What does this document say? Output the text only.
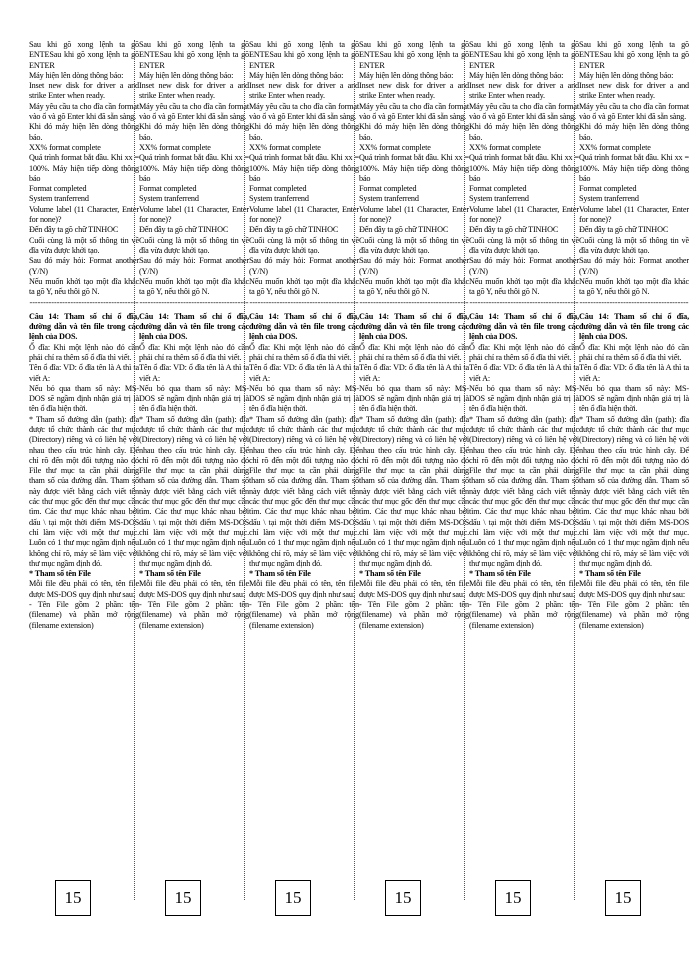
Sau khi gõ xong lệnh ta gõ ENTESau khi gõ xong lệnh ta gõ ENTER

Máy hiện lên dòng thông báo:

Inset new disk for driver a and strike Enter when ready.

Máy yêu cầu ta cho đĩa cần format vào ổ và gõ Enter khi đã sẵn sàng.

Khi đó máy hiện lên dòng thông báo.

XX% format complete

Quá trình format bắt đầu. Khi xx = 100%. Máy hiện tiếp dòng thông báo

Format completed

System tranferrend

Volume label (11 Character, Enter for none)?

Đến đây ta gõ chữ TINHOC

Cuối cùng là một số thông tin về đĩa vừa được khởi tạo.

Sau đó máy hỏi: Format another (Y/N)

Nếu muốn khởi tạo một đĩa khác ta gõ Y, nếu thôi gõ N.

----------------------------------------

Câu 14: Tham số chỉ ổ đĩa, đường dẫn và tên file trong các lệnh của DOS.

Ổ đĩa: Khi một lệnh nào đó cần phải chỉ ra thêm số ổ đĩa thì viết.

Tên ổ đĩa: VD: ổ đĩa tên là A thì ta viết A:

Nếu bỏ qua tham số này: MS-DOS sẽ ngầm định nhận giá trị là tên ổ đĩa hiện thời.

* Tham số đường dẫn (path): đĩa được tổ chức thành các thư mục (Directory) riêng và có liên hệ với nhau theo cấu trúc hình cây. Để chỉ rõ đến một đối tượng nào đó File thư mục ta cần phải dùng tham số của đường dẫn. Tham số này được viết bằng cách viết tên các thư mục gốc đến thư mục cần tìm. Các thư mục khác nhau bởi dấu \ tại một thời điểm MS-DOS chỉ làm việc với một thư mục. Luôn có 1 thư mục ngầm định nếu không chỉ rõ, máy sẽ làm việc với thư mục ngầm định đó.

* Tham số tên File

Mỗi file đều phải có tên, tên file được MS-DOS quy định như sau:

- Tên File gồm 2 phần: tên (filename) và phần mở rộng (filename extension)

15

Sau khi gõ xong lệnh ta gõ ENTESau khi gõ xong lệnh ta gõ ENTER

Máy hiện lên dòng thông báo:

Inset new disk for driver a and strike Enter when ready.

Máy yêu cầu ta cho đĩa cần format vào ổ và gõ Enter khi đã sẵn sàng.

Khi đó máy hiện lên dòng thông báo.

XX% format complete

Quá trình format bắt đầu. Khi xx = 100%. Máy hiện tiếp dòng thông báo

Format completed

System tranferrend

Volume label (11 Character, Enter for none)?

Đến đây ta gõ chữ TINHOC

Cuối cùng là một số thông tin về đĩa vừa được khởi tạo.

Sau đó máy hỏi: Format another (Y/N)

Nếu muốn khởi tạo một đĩa khác ta gõ Y, nếu thôi gõ N.

----------------------------------------

Câu 14: Tham số chỉ ổ đĩa, đường dẫn và tên file trong các lệnh của DOS.

Ổ đĩa: Khi một lệnh nào đó cần phải chỉ ra thêm số ổ đĩa thì viết.

Tên ổ đĩa: VD: ổ đĩa tên là A thì ta viết A:

Nếu bỏ qua tham số này: MS-DOS sẽ ngầm định nhận giá trị là tên ổ đĩa hiện thời.

* Tham số đường dẫn (path): đĩa được tổ chức thành các thư mục (Directory) riêng và có liên hệ với nhau theo cấu trúc hình cây. Để chỉ rõ đến một đối tượng nào đó File thư mục ta cần phải dùng tham số của đường dẫn. Tham số này được viết bằng cách viết tên các thư mục gốc đến thư mục cần tìm. Các thư mục khác nhau bởi dấu \ tại một thời điểm MS-DOS chỉ làm việc với một thư mục. Luôn có 1 thư mục ngầm định nếu không chỉ rõ, máy sẽ làm việc với thư mục ngầm định đó.

* Tham số tên File

Mỗi file đều phải có tên, tên file được MS-DOS quy định như sau:

- Tên File gồm 2 phần: tên (filename) và phần mở rộng (filename extension)

15

Sau khi gõ xong lệnh ta gõ ENTESau khi gõ xong lệnh ta gõ ENTER

Máy hiện lên dòng thông báo:

Inset new disk for driver a and strike Enter when ready.

Máy yêu cầu ta cho đĩa cần format vào ổ và gõ Enter khi đã sẵn sàng.

Khi đó máy hiện lên dòng thông báo.

XX% format complete

Quá trình format bắt đầu. Khi xx = 100%. Máy hiện tiếp dòng thông báo

Format completed

System tranferrend

Volume label (11 Character, Enter for none)?

Đến đây ta gõ chữ TINHOC

Cuối cùng là một số thông tin về đĩa vừa được khởi tạo.

Sau đó máy hỏi: Format another (Y/N)

Nếu muốn khởi tạo một đĩa khác ta gõ Y, nếu thôi gõ N.

----------------------------------------

Câu 14: Tham số chỉ ổ đĩa, đường dẫn và tên file trong các lệnh của DOS.

Ổ đĩa: Khi một lệnh nào đó cần phải chỉ ra thêm số ổ đĩa thì viết.

Tên ổ đĩa: VD: ổ đĩa tên là A thì ta viết A:

Nếu bỏ qua tham số này: MS-DOS sẽ ngầm định nhận giá trị là tên ổ đĩa hiện thời.

* Tham số đường dẫn (path): đĩa được tổ chức thành các thư mục (Directory) riêng và có liên hệ với nhau theo cấu trúc hình cây. Để chỉ rõ đến một đối tượng nào đó File thư mục ta cần phải dùng tham số của đường dẫn. Tham số này được viết bằng cách viết tên các thư mục gốc đến thư mục cần tìm. Các thư mục khác nhau bởi dấu \ tại một thời điểm MS-DOS chỉ làm việc với một thư mục. Luôn có 1 thư mục ngầm định nếu không chỉ rõ, máy sẽ làm việc với thư mục ngầm định đó.

* Tham số tên File

Mỗi file đều phải có tên, tên file được MS-DOS quy định như sau:

- Tên File gồm 2 phần: tên (filename) và phần mở rộng (filename extension)

15

Sau khi gõ xong lệnh ta gõ ENTESau khi gõ xong lệnh ta gõ ENTER

Máy hiện lên dòng thông báo:

Inset new disk for driver a and strike Enter when ready.

Máy yêu cầu ta cho đĩa cần format vào ổ và gõ Enter khi đã sẵn sàng.

Khi đó máy hiện lên dòng thông báo.

XX% format complete

Quá trình format bắt đầu. Khi xx = 100%. Máy hiện tiếp dòng thông báo

Format completed

System tranferrend

Volume label (11 Character, Enter for none)?

Đến đây ta gõ chữ TINHOC

Cuối cùng là một số thông tin về đĩa vừa được khởi tạo.

Sau đó máy hỏi: Format another (Y/N)

Nếu muốn khởi tạo một đĩa khác ta gõ Y, nếu thôi gõ N.

----------------------------------------

Câu 14: Tham số chỉ ổ đĩa, đường dẫn và tên file trong các lệnh của DOS.

Ổ đĩa: Khi một lệnh nào đó cần phải chỉ ra thêm số ổ đĩa thì viết.

Tên ổ đĩa: VD: ổ đĩa tên là A thì ta viết A:

Nếu bỏ qua tham số này: MS-DOS sẽ ngầm định nhận giá trị là tên ổ đĩa hiện thời.

* Tham số đường dẫn (path): đĩa được tổ chức thành các thư mục (Directory) riêng và có liên hệ với nhau theo cấu trúc hình cây. Để chỉ rõ đến một đối tượng nào đó File thư mục ta cần phải dùng tham số của đường dẫn. Tham số này được viết bằng cách viết tên các thư mục gốc đến thư mục cần tìm. Các thư mục khác nhau bởi dấu \ tại một thời điểm MS-DOS chỉ làm việc với một thư mục. Luôn có 1 thư mục ngầm định nếu không chỉ rõ, máy sẽ làm việc với thư mục ngầm định đó.

* Tham số tên File

Mỗi file đều phải có tên, tên file được MS-DOS quy định như sau:

- Tên File gồm 2 phần: tên (filename) và phần mở rộng (filename extension)

15

Sau khi gõ xong lệnh ta gõ ENTESau khi gõ xong lệnh ta gõ ENTER

Máy hiện lên dòng thông báo:

Inset new disk for driver a and strike Enter when ready.

Máy yêu cầu ta cho đĩa cần format vào ổ và gõ Enter khi đã sẵn sàng.

Khi đó máy hiện lên dòng thông báo.

XX% format complete

Quá trình format bắt đầu. Khi xx = 100%. Máy hiện tiếp dòng thông báo

Format completed

System tranferrend

Volume label (11 Character, Enter for none)?

Đến đây ta gõ chữ TINHOC

Cuối cùng là một số thông tin về đĩa vừa được khởi tạo.

Sau đó máy hỏi: Format another (Y/N)

Nếu muốn khởi tạo một đĩa khác ta gõ Y, nếu thôi gõ N.

----------------------------------------

Câu 14: Tham số chỉ ổ đĩa, đường dẫn và tên file trong các lệnh của DOS.

Ổ đĩa: Khi một lệnh nào đó cần phải chỉ ra thêm số ổ đĩa thì viết.

Tên ổ đĩa: VD: ổ đĩa tên là A thì ta viết A:

Nếu bỏ qua tham số này: MS-DOS sẽ ngầm định nhận giá trị là tên ổ đĩa hiện thời.

* Tham số đường dẫn (path): đĩa được tổ chức thành các thư mục (Directory) riêng và có liên hệ với nhau theo cấu trúc hình cây. Để chỉ rõ đến một đối tượng nào đó File thư mục ta cần phải dùng tham số của đường dẫn. Tham số này được viết bằng cách viết tên các thư mục gốc đến thư mục cần tìm. Các thư mục khác nhau bởi dấu \ tại một thời điểm MS-DOS chỉ làm việc với một thư mục. Luôn có 1 thư mục ngầm định nếu không chỉ rõ, máy sẽ làm việc với thư mục ngầm định đó.

* Tham số tên File

Mỗi file đều phải có tên, tên file được MS-DOS quy định như sau:

- Tên File gồm 2 phần: tên (filename) và phần mở rộng (filename extension)

15

Sau khi gõ xong lệnh ta gõ ENTESau khi gõ xong lệnh ta gõ ENTER

Máy hiện lên dòng thông báo:

Inset new disk for driver a and strike Enter when ready.

Máy yêu cầu ta cho đĩa cần format vào ổ và gõ Enter khi đã sẵn sàng.

Khi đó máy hiện lên dòng thông báo.

XX% format complete

Quá trình format bắt đầu. Khi xx = 100%. Máy hiện tiếp dòng thông báo

Format completed

System tranferrend

Volume label (11 Character, Enter for none)?

Đến đây ta gõ chữ TINHOC

Cuối cùng là một số thông tin về đĩa vừa được khởi tạo.

Sau đó máy hỏi: Format another (Y/N)

Nếu muốn khởi tạo một đĩa khác ta gõ Y, nếu thôi gõ N.

----------------------------------------

Câu 14: Tham số chỉ ổ đĩa, đường dẫn và tên file trong các lệnh của DOS.

Ổ đĩa: Khi một lệnh nào đó cần phải chỉ ra thêm số ổ đĩa thì viết.

Tên ổ đĩa: VD: ổ đĩa tên là A thì ta viết A:

Nếu bỏ qua tham số này: MS-DOS sẽ ngầm định nhận giá trị là tên ổ đĩa hiện thời.

* Tham số đường dẫn (path): đĩa được tổ chức thành các thư mục (Directory) riêng và có liên hệ với nhau theo cấu trúc hình cây. Để chỉ rõ đến một đối tượng nào đó File thư mục ta cần phải dùng tham số của đường dẫn. Tham số này được viết bằng cách viết tên các thư mục gốc đến thư mục cần tìm. Các thư mục khác nhau bởi dấu \ tại một thời điểm MS-DOS chỉ làm việc với một thư mục. Luôn có 1 thư mục ngầm định nếu không chỉ rõ, máy sẽ làm việc với thư mục ngầm định đó.

* Tham số tên File

Mỗi file đều phải có tên, tên file được MS-DOS quy định như sau:

- Tên File gồm 2 phần: tên (filename) và phần mở rộng (filename extension)

15
